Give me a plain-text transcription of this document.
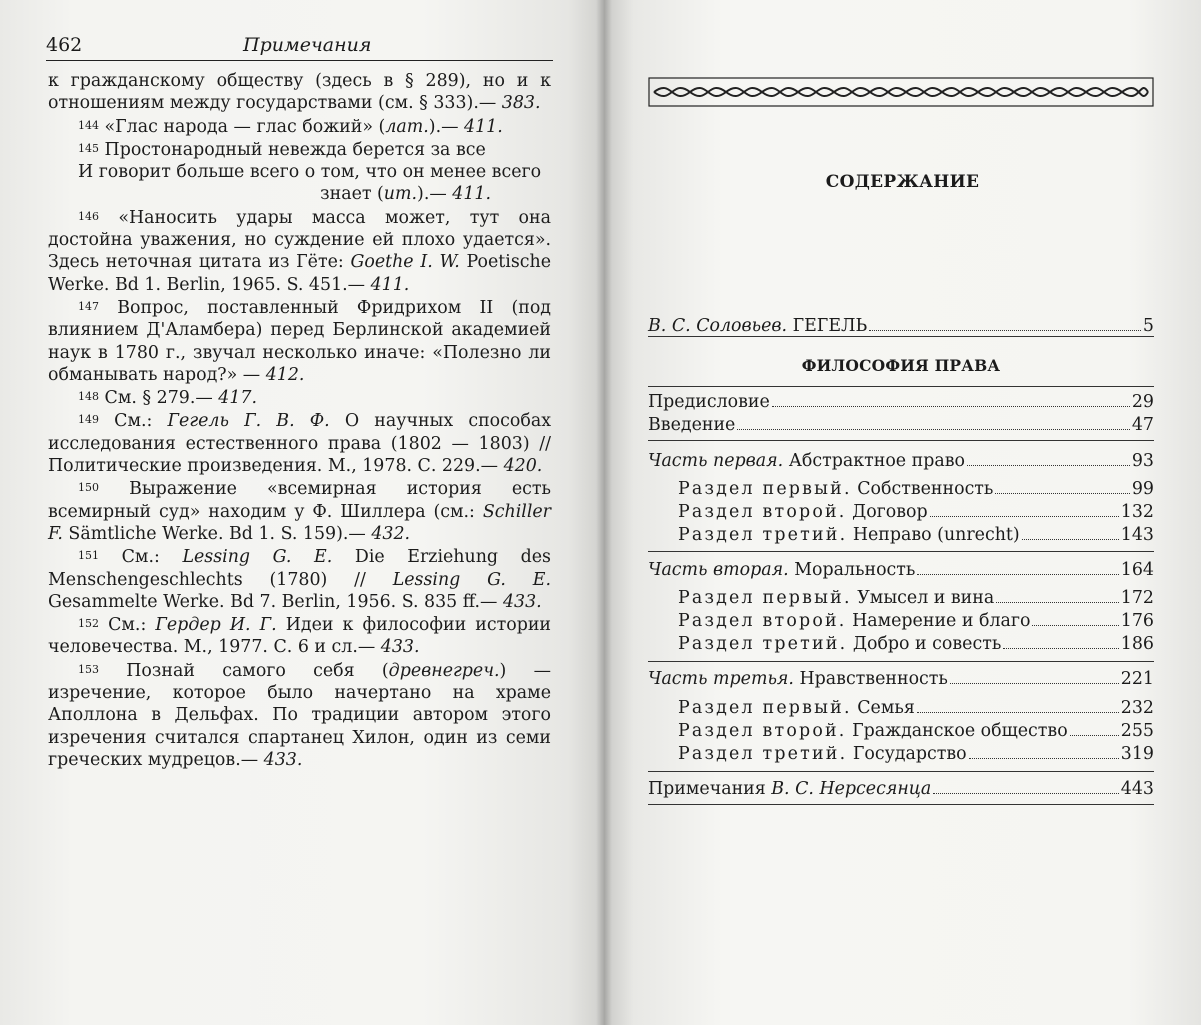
462	Примечания

к гражданскому обществу (здесь в § 289), но и к отношениям между государствами (см. § 333).— 383.

$^{144}$ «Глас народа — глас божий» (лат.).— 411.

$^{145}$ Простонародный невежда берется за все

И говорит больше всего о том, что он менее всего

знает (ит.).— 411.

$^{146}$ «Наносить удары масса может, тут она достойна уважения, но суждение ей плохо удается». Здесь неточная цитата из Гёте: Goethe I. W. Poetische Werke. Bd 1. Berlin, 1965. S. 451.— 411.

$^{147}$ Вопрос, поставленный Фридрихом II (под влиянием Д'Аламбера) перед Берлинской академией наук в 1780 г., звучал несколько иначе: «Полезно ли обманывать народ?» — 412.

$^{148}$ См. § 279.— 417.

$^{149}$ См.: Гегель Г. В. Ф. О научных способах исследования естественного права (1802 — 1803) // Политические произведения. М., 1978. С. 229.— 420.

$^{150}$ Выражение «всемирная история есть всемирный суд» находим у Ф. Шиллера (см.: Schiller F. Sämtliche Werke. Bd 1. S. 159).— 432.

$^{151}$ См.: Lessing G. E. Die Erziehung des Menschengeschlechts (1780) // Lessing G. E. Gesammelte Werke. Bd 7. Berlin, 1956. S. 835 ff.— 433.

$^{152}$ См.: Гердер И. Г. Идеи к философии истории человечества. М., 1977. С. 6 и сл.— 433.

$^{153}$ Познай самого себя (древнегреч.) — изречение, которое было начертано на храме Аполлона в Дельфах. По традиции автором этого изречения считался спартанец Хилон, один из семи греческих мудрецов.— 433.

СОДЕРЖАНИЕ
В. С. Соловьев. ГЕГЕЛЬ	5
ФИЛОСОФИЯ ПРАВА
Предисловие	29
Введение	47
Часть первая. Абстрактное право	93
Раздел первый. Собственность	99
Раздел второй. Договор	132
Раздел третий. Неправо (unrecht)	143
Часть вторая. Моральность	164
Раздел первый. Умысел и вина	172
Раздел второй. Намерение и благо	176
Раздел третий. Добро и совесть	186
Часть третья. Нравственность	221
Раздел первый. Семья	232
Раздел второй. Гражданское общество	255
Раздел третий. Государство	319
Примечания В. С. Нерсесянца	443
